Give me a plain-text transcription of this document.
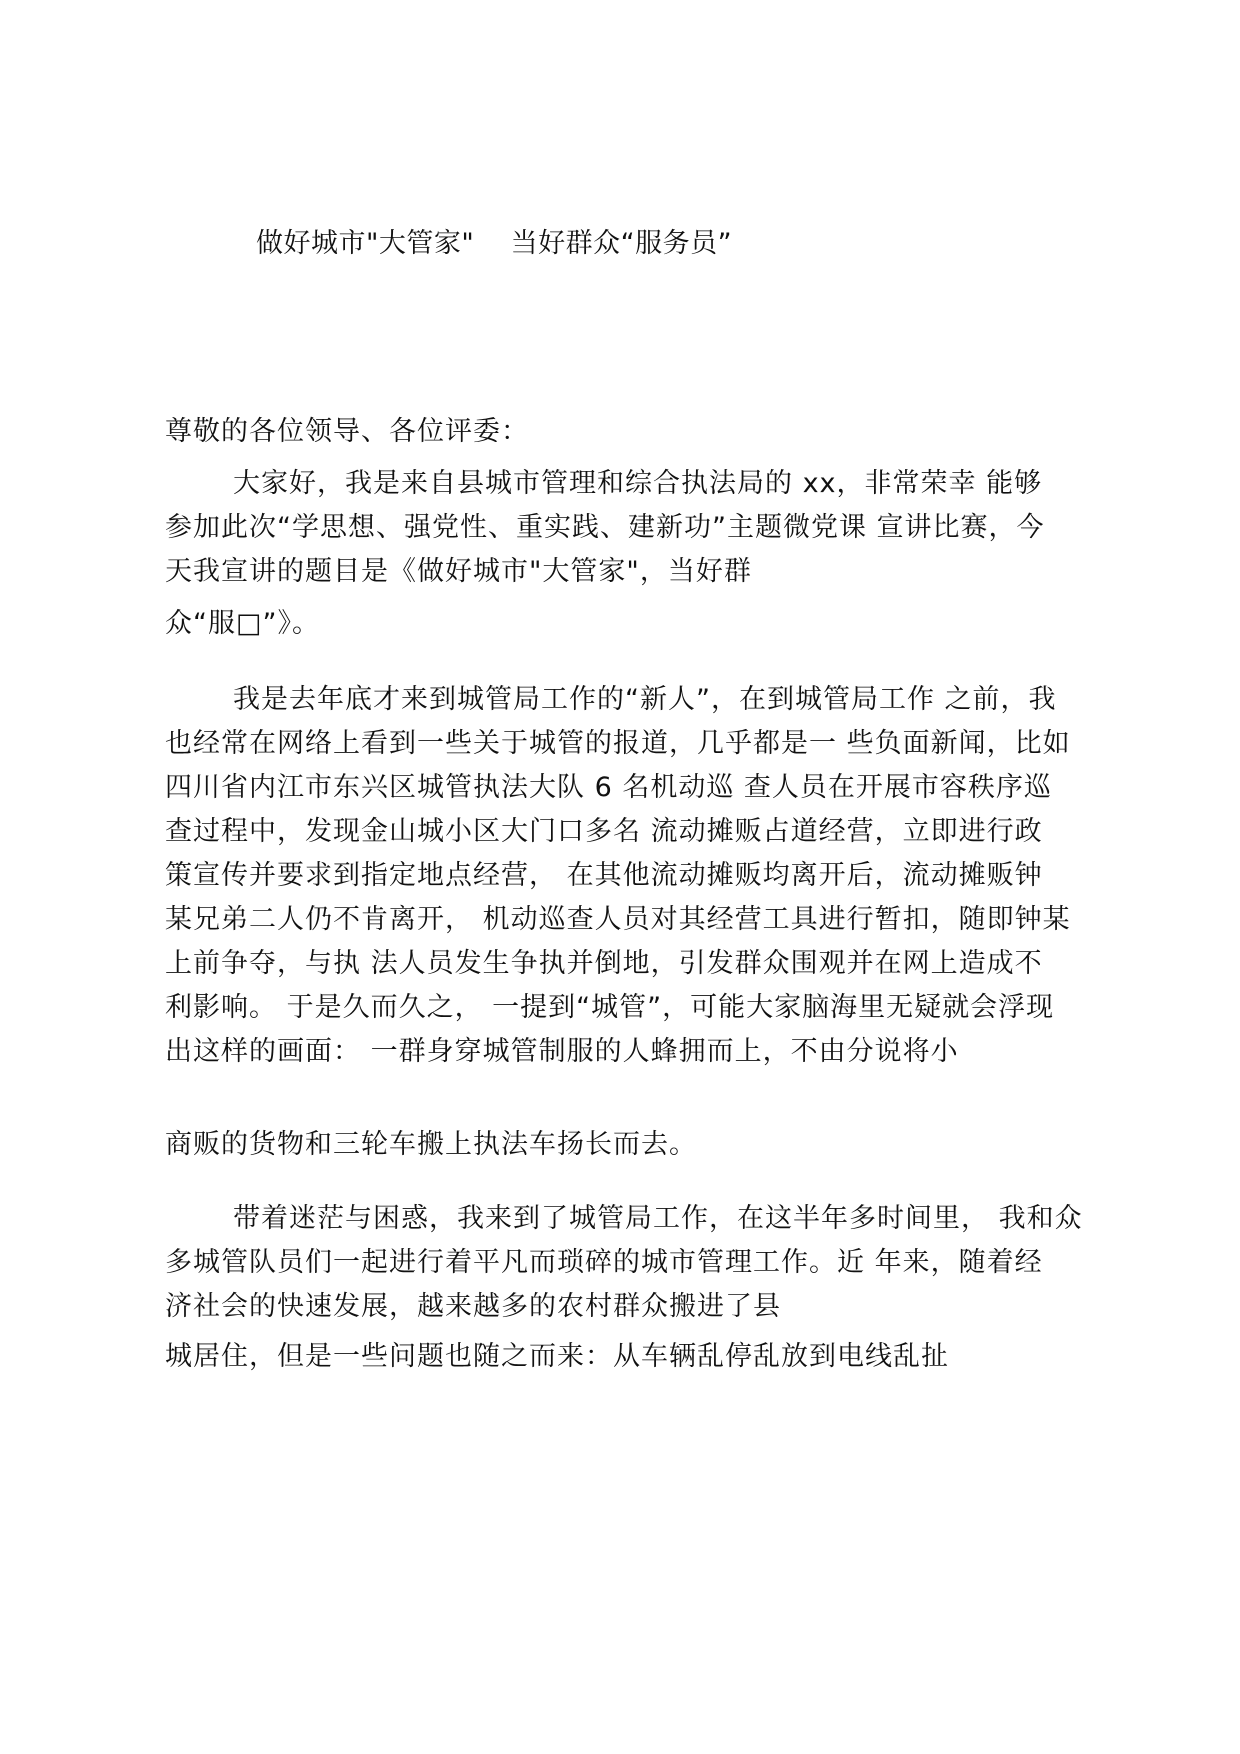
做好城市"大管家"    当好群众“服务员”
尊敬的各位领导、各位评委：
大家好，我是来自县城市管理和综合执法局的 xx，非常荣幸 能够
参加此次“学思想、强党性、重实践、建新功”主题微党课 宣讲比赛，今
天我宣讲的题目是《做好城市"大管家"，当好群
众“服□”》。
我是去年底才来到城管局工作的“新人”，在到城管局工作 之前，我
也经常在网络上看到一些关于城管的报道，几乎都是一 些负面新闻，比如
四川省内江市东兴区城管执法大队 6 名机动巡 查人员在开展市容秩序巡
查过程中，发现金山城小区大门口多名 流动摊贩占道经营，立即进行政
策宣传并要求到指定地点经营， 在其他流动摊贩均离开后，流动摊贩钟
某兄弟二人仍不肯离开， 机动巡查人员对其经营工具进行暂扣，随即钟某
上前争夺，与执 法人员发生争执并倒地，引发群众围观并在网上造成不
利影响。 于是久而久之， 一提到“城管”，可能大家脑海里无疑就会浮现
出这样的画面： 一群身穿城管制服的人蜂拥而上，不由分说将小
商贩的货物和三轮车搬上执法车扬长而去。
带着迷茫与困惑，我来到了城管局工作，在这半年多时间里， 我和众
多城管队员们一起进行着平凡而琐碎的城市管理工作。近 年来，随着经
济社会的快速发展，越来越多的农村群众搬进了县
城居住，但是一些问题也随之而来：从车辆乱停乱放到电线乱扯
